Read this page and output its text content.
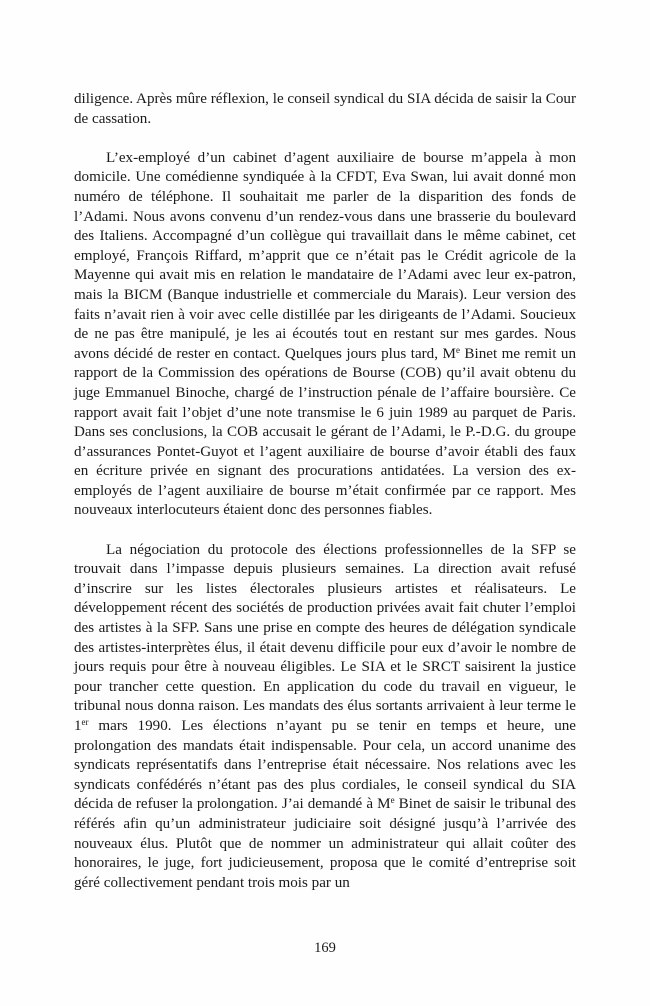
diligence. Après mûre réflexion, le conseil syndical du SIA décida de saisir la Cour de cassation.

L’ex-employé d’un cabinet d’agent auxiliaire de bourse m’appela à mon domicile. Une comédienne syndiquée à la CFDT, Eva Swan, lui avait donné mon numéro de téléphone. Il souhaitait me parler de la disparition des fonds de l’Adami. Nous avons convenu d’un rendez-vous dans une brasserie du boulevard des Italiens. Accompagné d’un collègue qui travaillait dans le même cabinet, cet employé, François Riffard, m’apprit que ce n’était pas le Crédit agricole de la Mayenne qui avait mis en relation le mandataire de l’Adami avec leur ex-patron, mais la BICM (Banque industrielle et commerciale du Marais). Leur version des faits n’avait rien à voir avec celle distillée par les dirigeants de l’Adami. Soucieux de ne pas être manipulé, je les ai écoutés tout en restant sur mes gardes. Nous avons décidé de rester en contact. Quelques jours plus tard, Me Binet me remit un rapport de la Commission des opérations de Bourse (COB) qu’il avait obtenu du juge Emmanuel Binoche, chargé de l’instruction pénale de l’affaire boursière. Ce rapport avait fait l’objet d’une note transmise le 6 juin 1989 au parquet de Paris. Dans ses conclusions, la COB accusait le gérant de l’Adami, le P.-D.G. du groupe d’assurances Pontet-Guyot et l’agent auxiliaire de bourse d’avoir établi des faux en écriture privée en signant des procurations antidatées. La version des ex-employés de l’agent auxiliaire de bourse m’était confirmée par ce rapport. Mes nouveaux interlocuteurs étaient donc des personnes fiables.

La négociation du protocole des élections professionnelles de la SFP se trouvait dans l’impasse depuis plusieurs semaines. La direction avait refusé d’inscrire sur les listes électorales plusieurs artistes et réalisateurs. Le développement récent des sociétés de production privées avait fait chuter l’emploi des artistes à la SFP. Sans une prise en compte des heures de délégation syndicale des artistes-interprètes élus, il était devenu difficile pour eux d’avoir le nombre de jours requis pour être à nouveau éligibles. Le SIA et le SRCT saisirent la justice pour trancher cette question. En application du code du travail en vigueur, le tribunal nous donna raison. Les mandats des élus sortants arrivaient à leur terme le 1er mars 1990. Les élections n’ayant pu se tenir en temps et heure, une prolongation des mandats était indispensable. Pour cela, un accord unanime des syndicats représentatifs dans l’entreprise était nécessaire. Nos relations avec les syndicats confédérés n’étant pas des plus cordiales, le conseil syndical du SIA décida de refuser la prolongation. J’ai demandé à Me Binet de saisir le tribunal des référés afin qu’un administrateur judiciaire soit désigné jusqu’à l’arrivée des nouveaux élus. Plutôt que de nommer un administrateur qui allait coûter des honoraires, le juge, fort judicieusement, proposa que le comité d’entreprise soit géré collectivement pendant trois mois par un

169
